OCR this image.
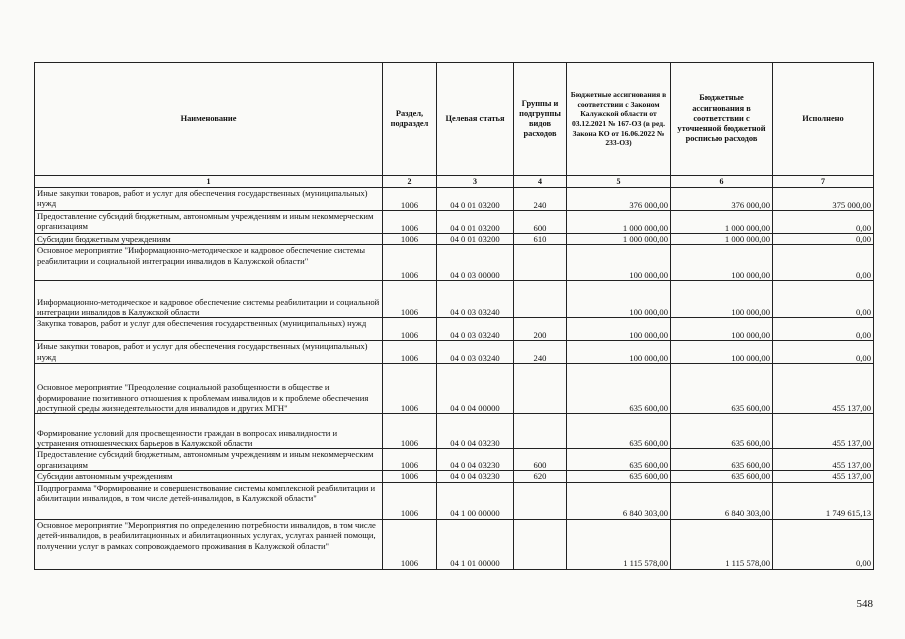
Наименование	Раздел, подраздел	Целевая статья	Группы и подгруппы видов расходов	Бюджетные ассигнования в соответствии с Законом Калужской области от 03.12.2021 № 167-ОЗ (в ред. Закона КО от 16.06.2022 № 233-ОЗ)	Бюджетные ассигнования в соответствии с уточненной бюджетной росписью расходов	Исполнено
1	2	3	4	5	6	7
Иные закупки товаров, работ и услуг для обеспечения государственных (муниципальных) нужд	1006	04 0 01 03200	240	376 000,00	376 000,00	375 000,00
Предоставление субсидий бюджетным, автономным учреждениям и иным некоммерческим организациям	1006	04 0 01 03200	600	1 000 000,00	1 000 000,00	0,00
Субсидии бюджетным учреждениям	1006	04 0 01 03200	610	1 000 000,00	1 000 000,00	0,00
Основное мероприятие "Информационно-методическое и кадровое обеспечение системы реабилитации и социальной интеграции инвалидов в Калужской области"	1006	04 0 03 00000		100 000,00	100 000,00	0,00
Информационно-методическое и кадровое обеспечение системы реабилитации и социальной интеграции инвалидов в Калужской области	1006	04 0 03 03240		100 000,00	100 000,00	0,00
Закупка товаров, работ и услуг для обеспечения государственных (муниципальных) нужд	1006	04 0 03 03240	200	100 000,00	100 000,00	0,00
Иные закупки товаров, работ и услуг для обеспечения государственных (муниципальных) нужд	1006	04 0 03 03240	240	100 000,00	100 000,00	0,00
Основное мероприятие "Преодоление социальной разобщенности в обществе и формирование позитивного отношения к проблемам инвалидов и к проблеме обеспечения доступной среды жизнедеятельности для инвалидов и других МГН"	1006	04 0 04 00000		635 600,00	635 600,00	455 137,00
Формирование условий для просвещенности граждан в вопросах инвалидности и устранения отношенческих барьеров в Калужской области	1006	04 0 04 03230		635 600,00	635 600,00	455 137,00
Предоставление субсидий бюджетным, автономным учреждениям и иным некоммерческим организациям	1006	04 0 04 03230	600	635 600,00	635 600,00	455 137,00
Субсидии автономным учреждениям	1006	04 0 04 03230	620	635 600,00	635 600,00	455 137,00
Подпрограмма "Формирование и совершенствование системы комплексной реабилитации и абилитации инвалидов, в том числе детей-инвалидов, в Калужской области"	1006	04 1 00 00000		6 840 303,00	6 840 303,00	1 749 615,13
Основное мероприятие "Мероприятия по определению потребности инвалидов, в том числе детей-инвалидов, в реабилитационных и абилитационных услугах, услугах ранней помощи, получении услуг в рамках сопровождаемого проживания в Калужской области"	1006	04 1 01 00000		1 115 578,00	1 115 578,00	0,00
548
